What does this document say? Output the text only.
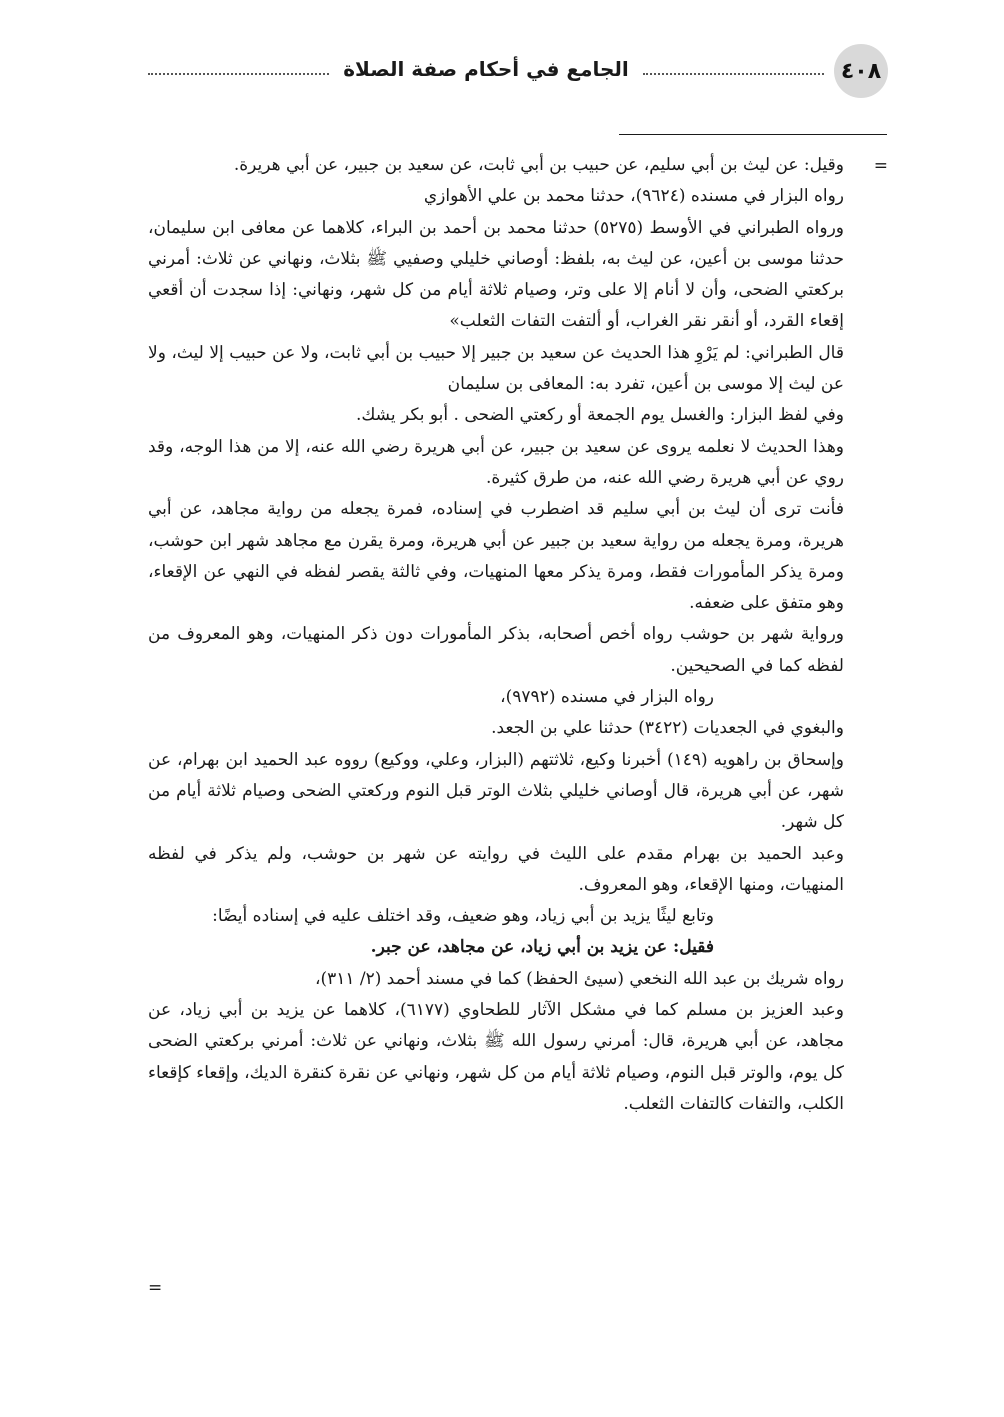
٤٠٨
الجامع في أحكام صفة الصلاة
=
=

وقيل: عن ليث بن أبي سليم، عن حبيب بن أبي ثابت، عن سعيد بن جبير، عن أبي هريرة.

رواه البزار في مسنده (٩٦٢٤)، حدثنا محمد بن علي الأهوازي

ورواه الطبراني في الأوسط (٥٢٧٥) حدثنا محمد بن أحمد بن البراء، كلاهما عن معافى ابن سليمان، حدثنا موسى بن أعين، عن ليث به، بلفظ: أوصاني خليلي وصفيي ﷺ بثلاث، ونهاني عن ثلاث: أمرني بركعتي الضحى، وأن لا أنام إلا على وتر، وصيام ثلاثة أيام من كل شهر، ونهاني: إذا سجدت أن أقعي إقعاء القرد، أو أنقر نقر الغراب، أو ألتفت التفات الثعلب»

قال الطبراني: لم يَرْوِ هذا الحديث عن سعيد بن جبير إلا حبيب بن أبي ثابت، ولا عن حبيب إلا ليث، ولا عن ليث إلا موسى بن أعين، تفرد به: المعافى بن سليمان

وفي لفظ البزار: والغسل يوم الجمعة أو ركعتي الضحى . أبو بكر يشك.

وهذا الحديث لا نعلمه يروى عن سعيد بن جبير، عن أبي هريرة رضي الله عنه، إلا من هذا الوجه، وقد روي عن أبي هريرة رضي الله عنه، من طرق كثيرة.

فأنت ترى أن ليث بن أبي سليم قد اضطرب في إسناده، فمرة يجعله من رواية مجاهد، عن أبي هريرة، ومرة يجعله من رواية سعيد بن جبير عن أبي هريرة، ومرة يقرن مع مجاهد شهر ابن حوشب، ومرة يذكر المأمورات فقط، ومرة يذكر معها المنهيات، وفي ثالثة يقصر لفظه في النهي عن الإقعاء، وهو متفق على ضعفه.

ورواية شهر بن حوشب رواه أخص أصحابه، بذكر المأمورات دون ذكر المنهيات، وهو المعروف من لفظه كما في الصحيحين.

رواه البزار في مسنده (٩٧٩٢)،

والبغوي في الجعديات (٣٤٢٢) حدثنا علي بن الجعد.

وإسحاق بن راهويه (١٤٩) أخبرنا وكيع، ثلاثتهم (البزار، وعلي، ووكيع) رووه عبد الحميد ابن بهرام، عن شهر، عن أبي هريرة، قال أوصاني خليلي بثلاث الوتر قبل النوم وركعتي الضحى وصيام ثلاثة أيام من كل شهر.

وعبد الحميد بن بهرام مقدم على الليث في روايته عن شهر بن حوشب، ولم يذكر في لفظه المنهيات، ومنها الإقعاء، وهو المعروف.

وتابع ليثًا يزيد بن أبي زياد، وهو ضعيف، وقد اختلف عليه في إسناده أيضًا:

فقيل: عن يزيد بن أبي زياد، عن مجاهد، عن جبر.

رواه شريك بن عبد الله النخعي (سيئ الحفظ) كما في مسند أحمد (٢/ ٣١١)،

وعبد العزيز بن مسلم كما في مشكل الآثار للطحاوي (٦١٧٧)، كلاهما عن يزيد بن أبي زياد، عن مجاهد، عن أبي هريرة، قال: أمرني رسول الله ﷺ بثلاث، ونهاني عن ثلاث: أمرني بركعتي الضحى كل يوم، والوتر قبل النوم، وصيام ثلاثة أيام من كل شهر، ونهاني عن نقرة كنقرة الديك، وإقعاء كإقعاء الكلب، والتفات كالتفات الثعلب.
